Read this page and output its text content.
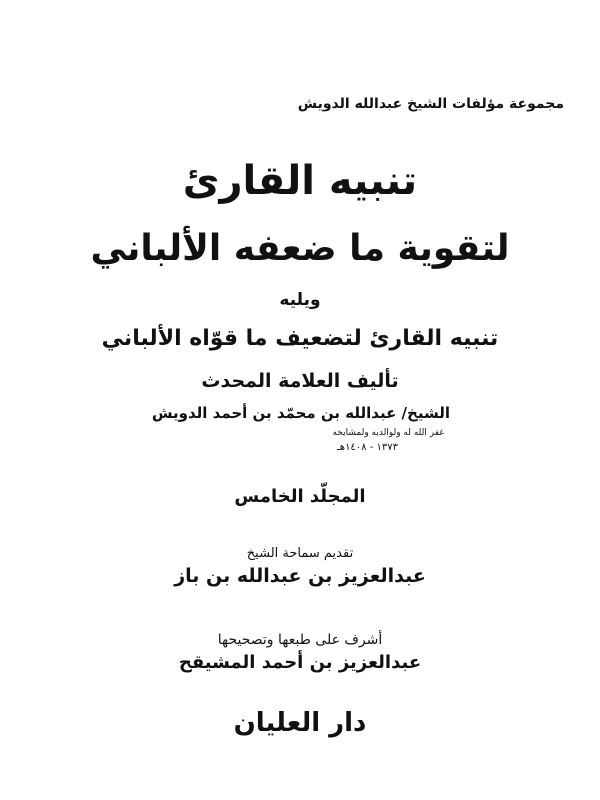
مجموعة مؤلفات الشيخ عبدالله الدويش
تنبيه القارئ
لتقوية ما ضعفه الألباني
ويليه
تنبيه القارئ لتضعيف ما قوّاه الألباني
تأليف العلامة المحدث
الشيخ/ عبدالله بن محمّد بن أحمد الدويش
غفر الله له ولوالديه ولمشايخه
١٣٧٣ - ١٤٠٨هـ
المجلّد الخامس
تقديم سماحة الشيخ
عبدالعزيز بن عبدالله بن باز
أشرف على طبعها وتصحيحها
عبدالعزيز بن أحمد المشيقح
دار العليان
